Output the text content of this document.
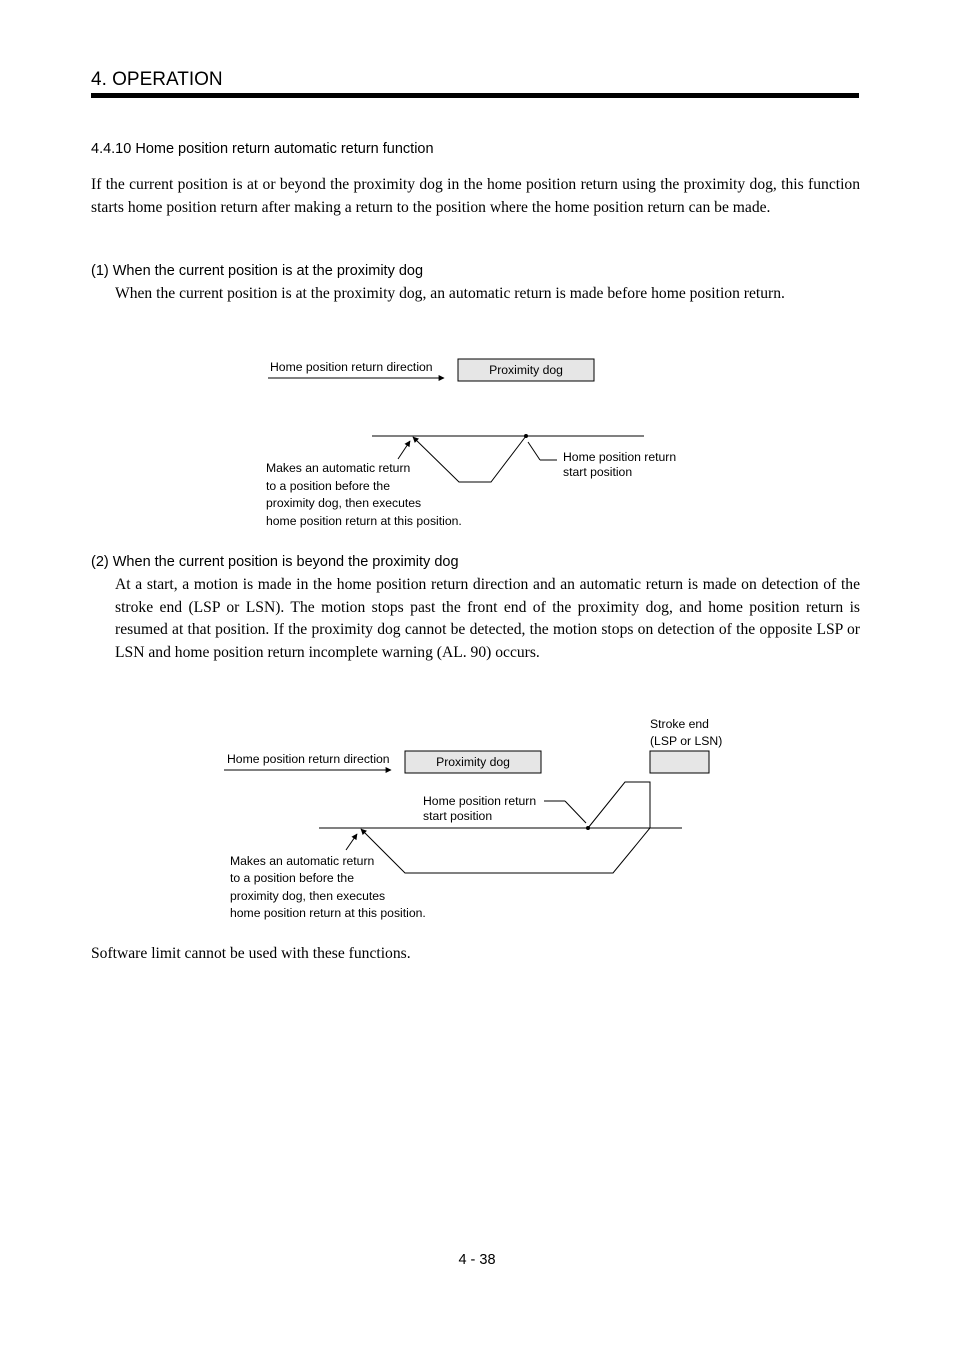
4. OPERATION
4.4.10 Home position return automatic return function
If the current position is at or beyond the proximity dog in the home position return using the proximity dog, this function starts home position return after making a return to the position where the home position return can be made.
(1) When the current position is at the proximity dog
When the current position is at the proximity dog, an automatic return is made before home position return.
Home position return direction	Proximity dog
Home position return
start position
Makes an automatic return
to a position before the
proximity dog, then executes
home position return at this position.
Stroke end
(LSP or LSN)
Home position return direction	Proximity dog
Home position return
start position
Makes an automatic return
to a position before the
proximity dog, then executes
home position return at this position.
(2) When the current position is beyond the proximity dog
At a start, a motion is made in the home position return direction and an automatic return is made on detection of the stroke end (LSP or LSN). The motion stops past the front end of the proximity dog, and home position return is resumed at that position. If the proximity dog cannot be detected, the motion stops on detection of the opposite LSP or LSN and home position return incomplete warning (AL. 90) occurs.
Software limit cannot be used with these functions.
4 - 38
